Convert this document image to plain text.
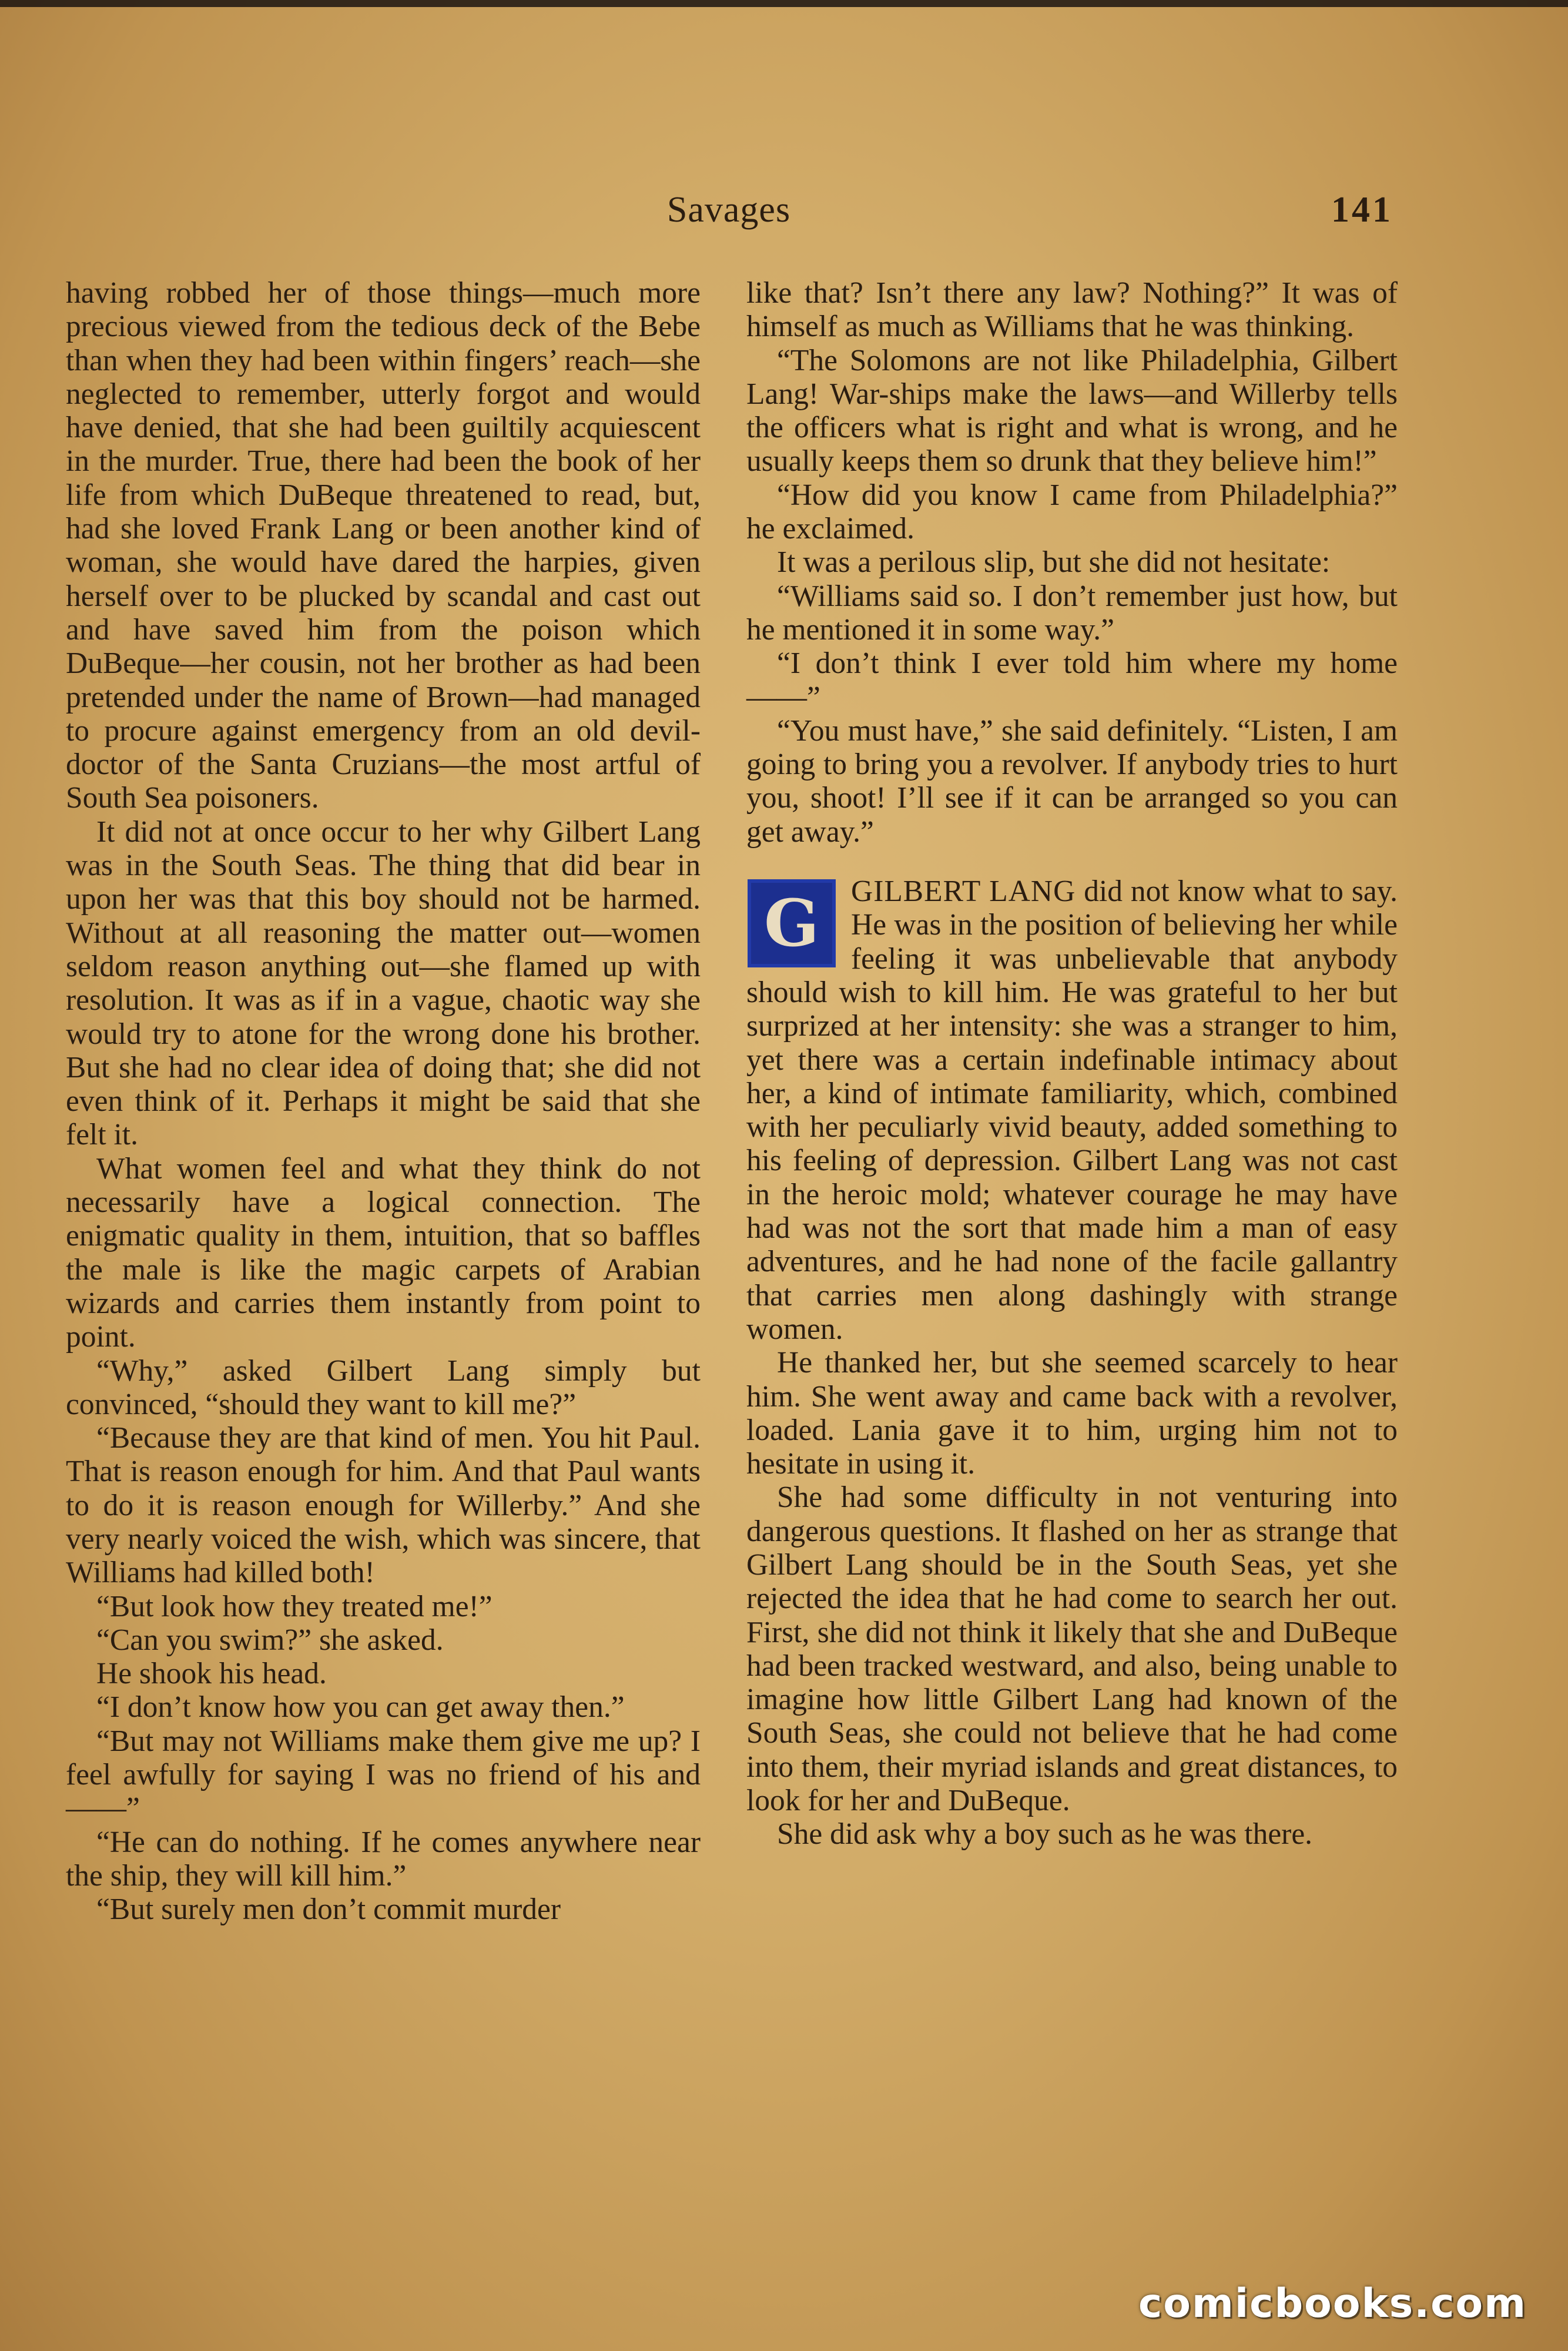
Savages	141

having robbed her of those things—much more precious viewed from the tedious deck of the Bebe than when they had been within fingers’ reach—she neglected to remember, utterly forgot and would have denied, that she had been guiltily acquiescent in the murder. True, there had been the book of her life from which DuBeque threatened to read, but, had she loved Frank Lang or been another kind of woman, she would have dared the harpies, given herself over to be plucked by scandal and cast out and have saved him from the poison which DuBeque—her cousin, not her brother as had been pretended under the name of Brown—had managed to procure against emergency from an old devil-doctor of the Santa Cruzians—the most artful of South Sea poisoners.

It did not at once occur to her why Gilbert Lang was in the South Seas. The thing that did bear in upon her was that this boy should not be harmed. Without at all reasoning the matter out—women seldom reason anything out—she flamed up with resolution. It was as if in a vague, chaotic way she would try to atone for the wrong done his brother. But she had no clear idea of doing that; she did not even think of it. Perhaps it might be said that she felt it.

What women feel and what they think do not necessarily have a logical connection. The enigmatic quality in them, intuition, that so baffles the male is like the magic carpets of Arabian wizards and carries them instantly from point to point.

“Why,” asked Gilbert Lang simply but convinced, “should they want to kill me?”

“Because they are that kind of men. You hit Paul. That is reason enough for him. And that Paul wants to do it is reason enough for Willerby.” And she very nearly voiced the wish, which was sincere, that Williams had killed both!

“But look how they treated me!”

“Can you swim?” she asked.

He shook his head.

“I don’t know how you can get away then.”

“But may not Williams make them give me up? I feel awfully for saying I was no friend of his and——”

“He can do nothing. If he comes anywhere near the ship, they will kill him.”

“But surely men don’t commit murder

like that? Isn’t there any law? Nothing?” It was of himself as much as Williams that he was thinking.

“The Solomons are not like Philadelphia, Gilbert Lang! War-ships make the laws—and Willerby tells the officers what is right and what is wrong, and he usually keeps them so drunk that they believe him!”

“How did you know I came from Philadelphia?” he exclaimed.

It was a perilous slip, but she did not hesitate:

“Williams said so. I don’t remember just how, but he mentioned it in some way.”

“I don’t think I ever told him where my home——”

“You must have,” she said definitely. “Listen, I am going to bring you a revolver. If anybody tries to hurt you, shoot! I’ll see if it can be arranged so you can get away.”

G	GILBERT LANG did not know what to say. He was in the position of believing her while feeling it was unbelievable that anybody should wish to kill him. He was grateful to her but surprized at her intensity: she was a stranger to him, yet there was a certain indefinable intimacy about her, a kind of intimate familiarity, which, combined with her peculiarly vivid beauty, added something to his feeling of depression. Gilbert Lang was not cast in the heroic mold; whatever courage he may have had was not the sort that made him a man of easy adventures, and he had none of the facile gallantry that carries men along dashingly with strange women.

He thanked her, but she seemed scarcely to hear him. She went away and came back with a revolver, loaded. Lania gave it to him, urging him not to hesitate in using it.

She had some difficulty in not venturing into dangerous questions. It flashed on her as strange that Gilbert Lang should be in the South Seas, yet she rejected the idea that he had come to search her out. First, she did not think it likely that she and DuBeque had been tracked westward, and also, being unable to imagine how little Gilbert Lang had known of the South Seas, she could not believe that he had come into them, their myriad islands and great distances, to look for her and DuBeque.

She did ask why a boy such as he was there.

comicbooks.com
